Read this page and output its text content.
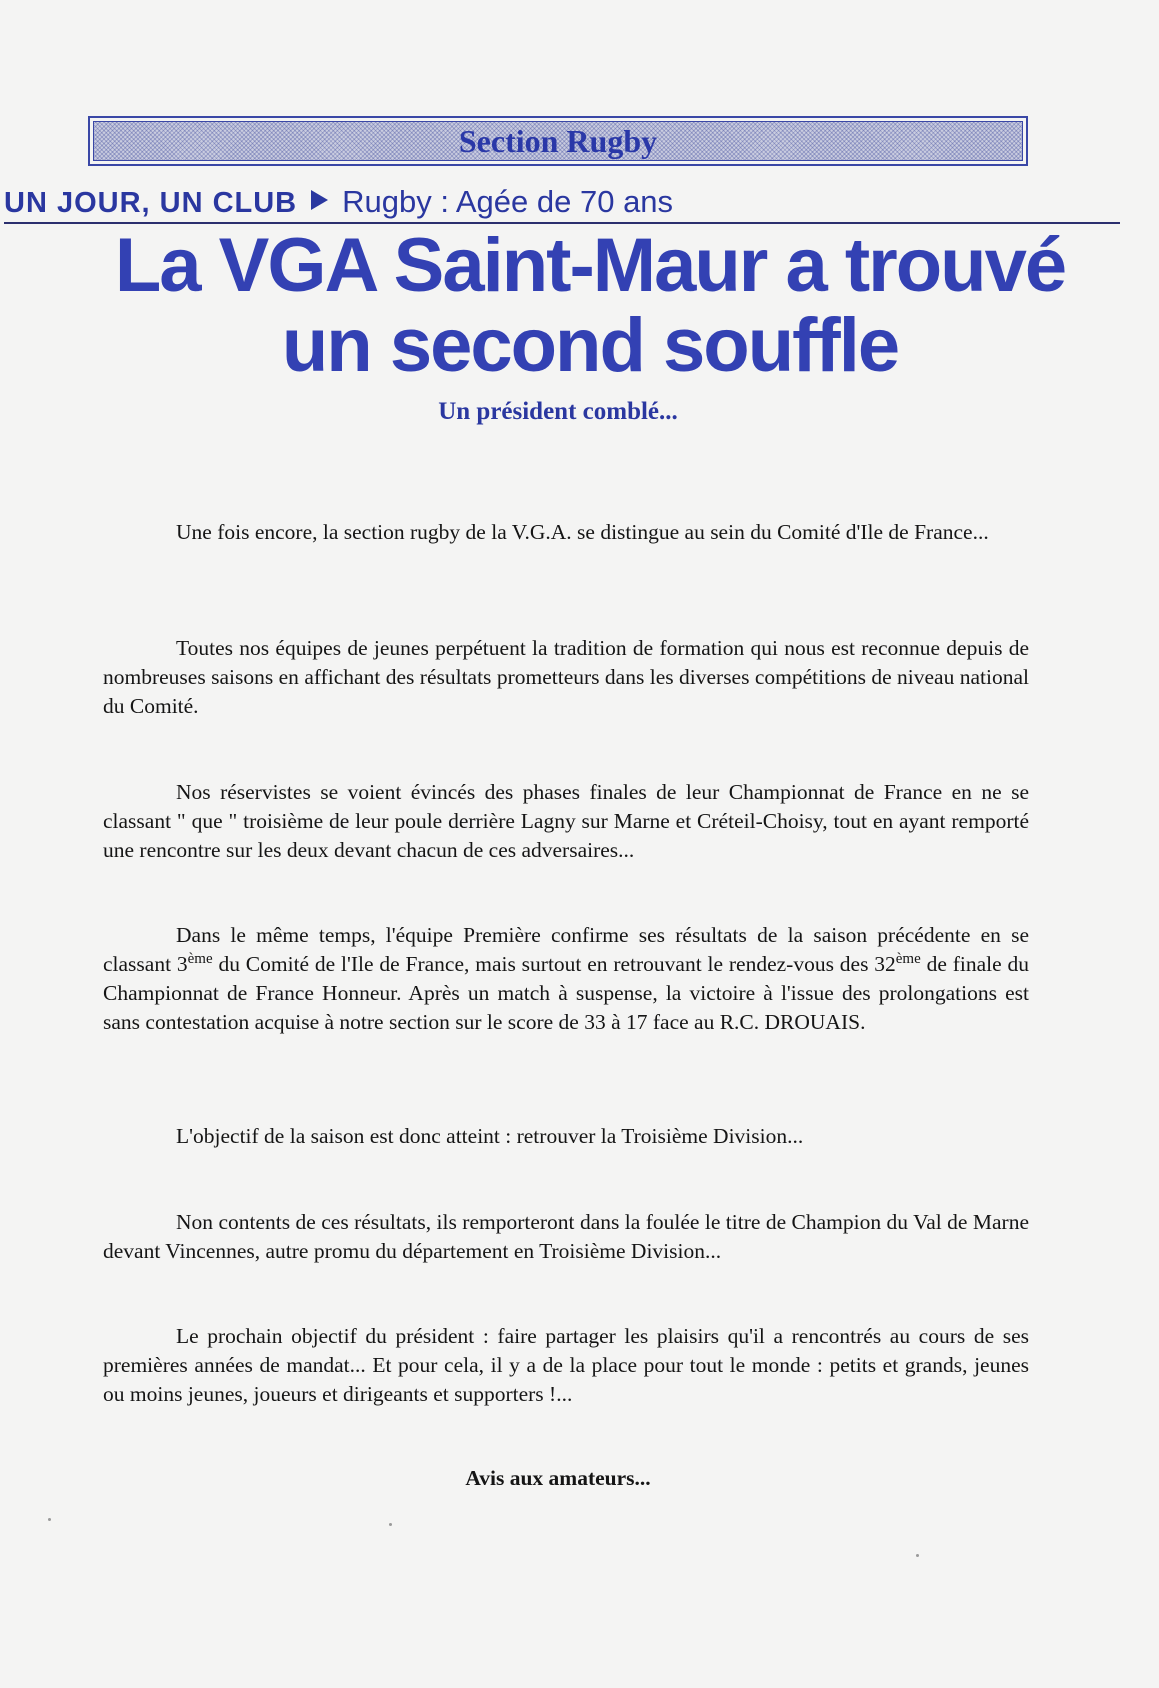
Section Rugby
UN JOUR, UN CLUB Rugby : Agée de 70 ans
La VGA Saint-Maur a trouvé
un second souffle
Un président comblé...

Une fois encore, la section rugby de la V.G.A. se distingue au sein du Comité d'Ile de France...

Toutes nos équipes de jeunes perpétuent la tradition de formation qui nous est reconnue depuis de nombreuses saisons en affichant des résultats prometteurs dans les diverses compétitions de niveau national du Comité.

Nos réservistes se voient évincés des phases finales de leur Championnat de France en ne se classant " que " troisième de leur poule derrière Lagny sur Marne et Créteil-Choisy, tout en ayant remporté une rencontre sur les deux devant chacun de ces adversaires...

Dans le même temps, l'équipe Première confirme ses résultats de la saison précédente en se classant 3ème du Comité de l'Ile de France, mais surtout en retrouvant le rendez-vous des 32ème de finale du Championnat de France Honneur. Après un match à suspense, la victoire à l'issue des prolongations est sans contestation acquise à notre section sur le score de 33 à 17 face au R.C. DROUAIS.

L'objectif de la saison est donc atteint : retrouver la Troisième Division...

Non contents de ces résultats, ils remporteront dans la foulée le titre de Champion du Val de Marne devant Vincennes, autre promu du département en Troisième Division...

Le prochain objectif du président : faire partager les plaisirs qu'il a rencontrés au cours de ses premières années de mandat... Et pour cela, il y a de la place pour tout le monde : petits et grands, jeunes ou moins jeunes, joueurs et dirigeants et supporters !...

Avis aux amateurs...
